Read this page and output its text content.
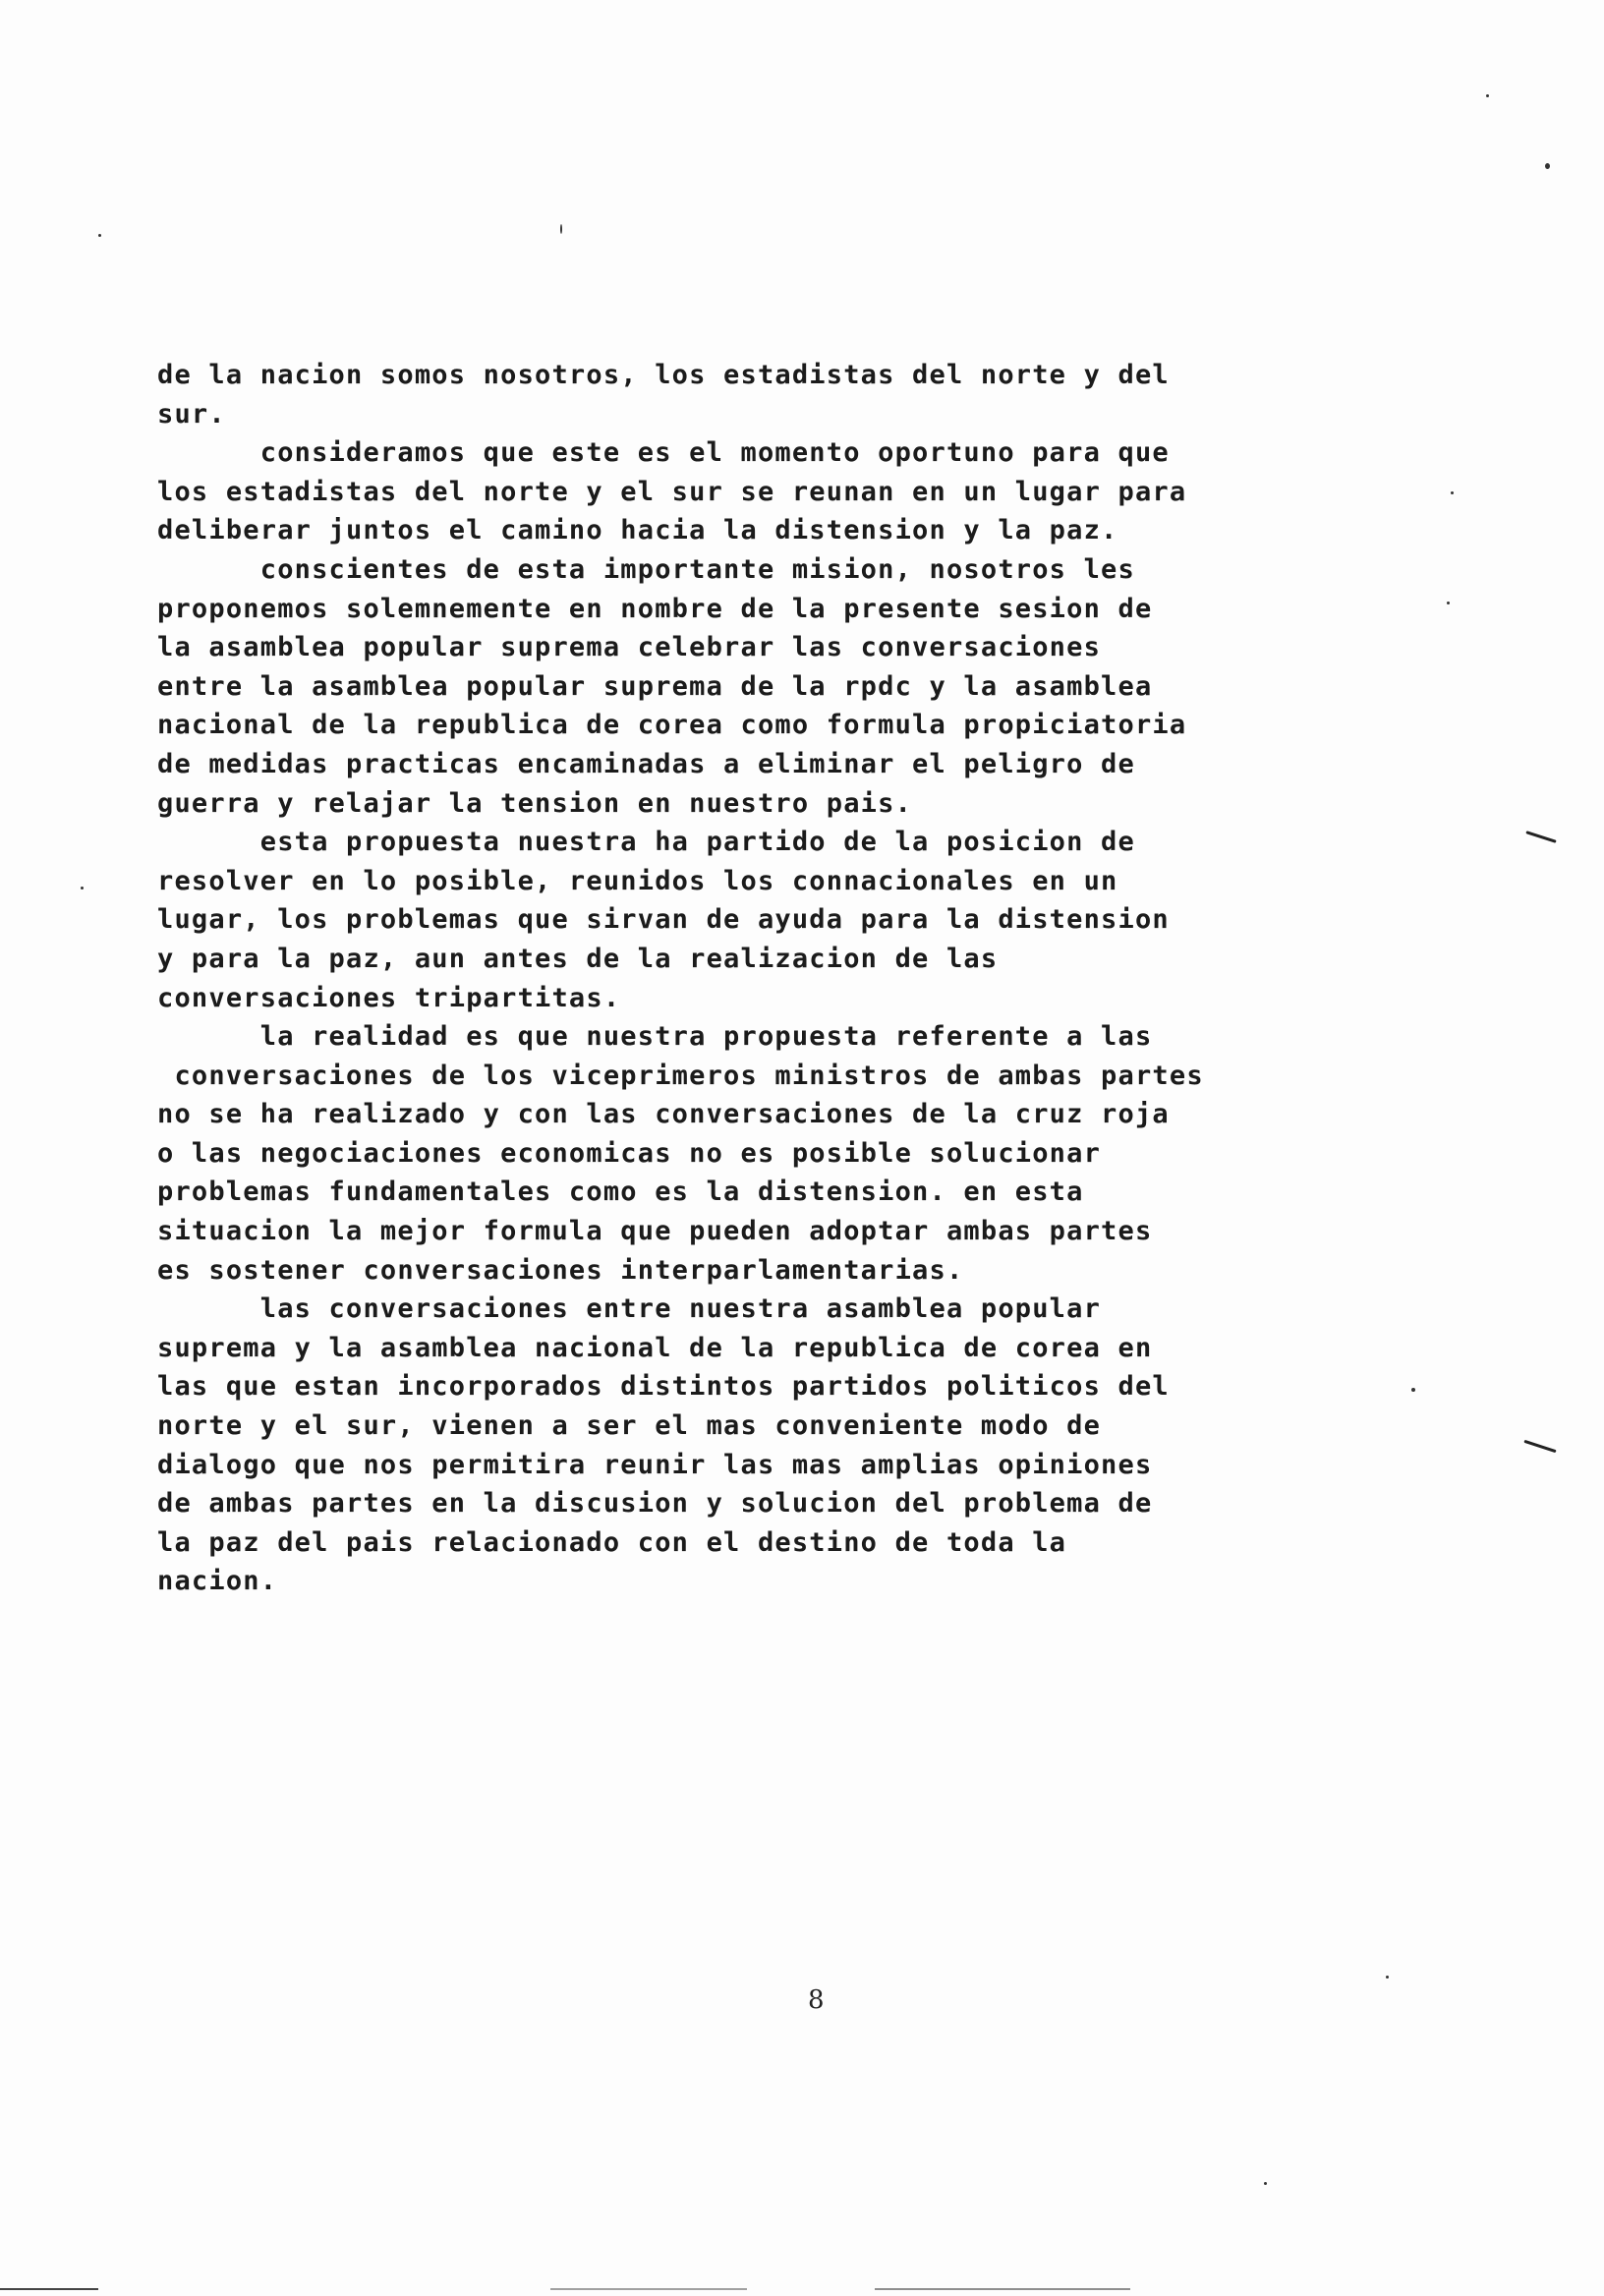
de la nacion somos nosotros, los estadistas del norte y del
sur.
consideramos que este es el momento oportuno para que
los estadistas del norte y el sur se reunan en un lugar para
deliberar juntos el camino hacia la distension y la paz.
conscientes de esta importante mision, nosotros les
proponemos solemnemente en nombre de la presente sesion de
la asamblea popular suprema celebrar las conversaciones
entre la asamblea popular suprema de la rpdc y la asamblea
nacional de la republica de corea como formula propiciatoria
de medidas practicas encaminadas a eliminar el peligro de
guerra y relajar la tension en nuestro pais.
esta propuesta nuestra ha partido de la posicion de
resolver en lo posible, reunidos los connacionales en un
lugar, los problemas que sirvan de ayuda para la distension
y para la paz, aun antes de la realizacion de las
conversaciones tripartitas.
la realidad es que nuestra propuesta referente a las
conversaciones de los viceprimeros ministros de ambas partes
no se ha realizado y con las conversaciones de la cruz roja
o las negociaciones economicas no es posible solucionar
problemas fundamentales como es la distension. en esta
situacion la mejor formula que pueden adoptar ambas partes
es sostener conversaciones interparlamentarias.
las conversaciones entre nuestra asamblea popular
suprema y la asamblea nacional de la republica de corea en
las que estan incorporados distintos partidos politicos del
norte y el sur, vienen a ser el mas conveniente modo de
dialogo que nos permitira reunir las mas amplias opiniones
de ambas partes en la discusion y solucion del problema de
la paz del pais relacionado con el destino de toda la
nacion.
8
